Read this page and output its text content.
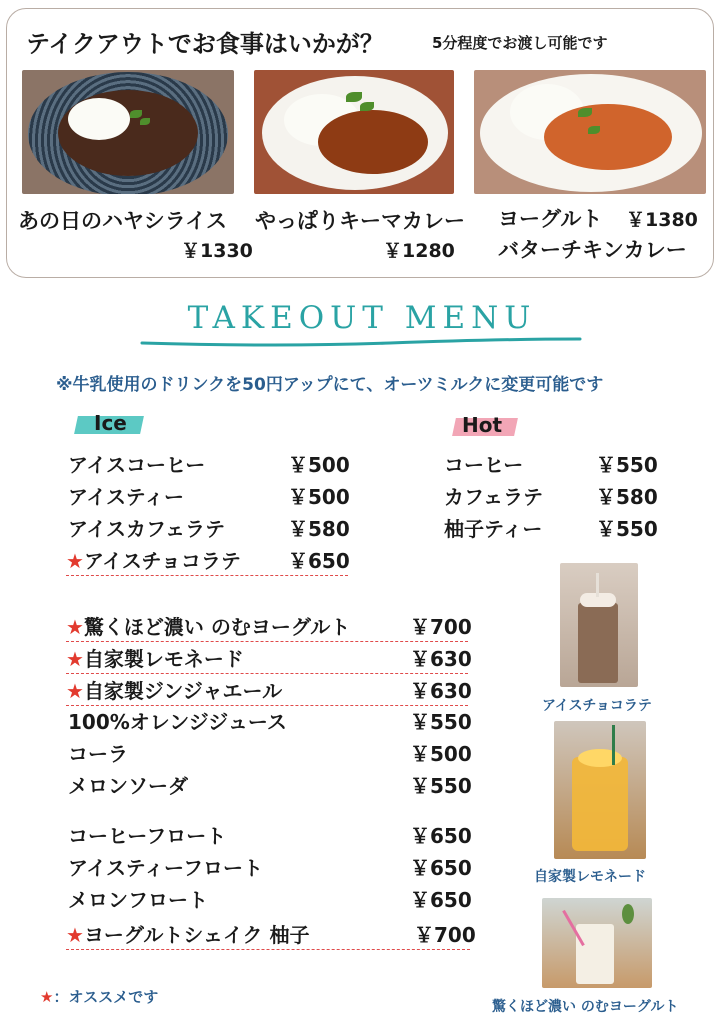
テイクアウトでお食事はいかが？	5分程度でお渡し可能です
あの日のハヤシライス
￥1330
やっぱりキーマカレー
￥1280
ヨーグルト ￥1380
バターチキンカレー
TAKEOUT MENU
※牛乳使用のドリンクを50円アップにて、オーツミルクに変更可能です
Ice	Hot
アイスコーヒー	￥500
アイスティー	￥500
アイスカフェラテ	￥580
★アイスチョコラテ ￥650
コーヒー	￥550
カフェラテ	￥580
柚子ティー	￥550
★驚くほど濃い のむヨーグルト	￥700
★自家製レモネード	￥630
★自家製ジンジャエール	￥630
100%オレンジジュース	￥550
コーラ	￥500
メロンソーダ	￥550
コーヒーフロート	￥650
アイスティーフロート	￥650
メロンフロート	￥650
★ヨーグルトシェイク 柚子	￥700
アイスチョコラテ
自家製レモネード
驚くほど濃い のむヨーグルト
★：オススメです
